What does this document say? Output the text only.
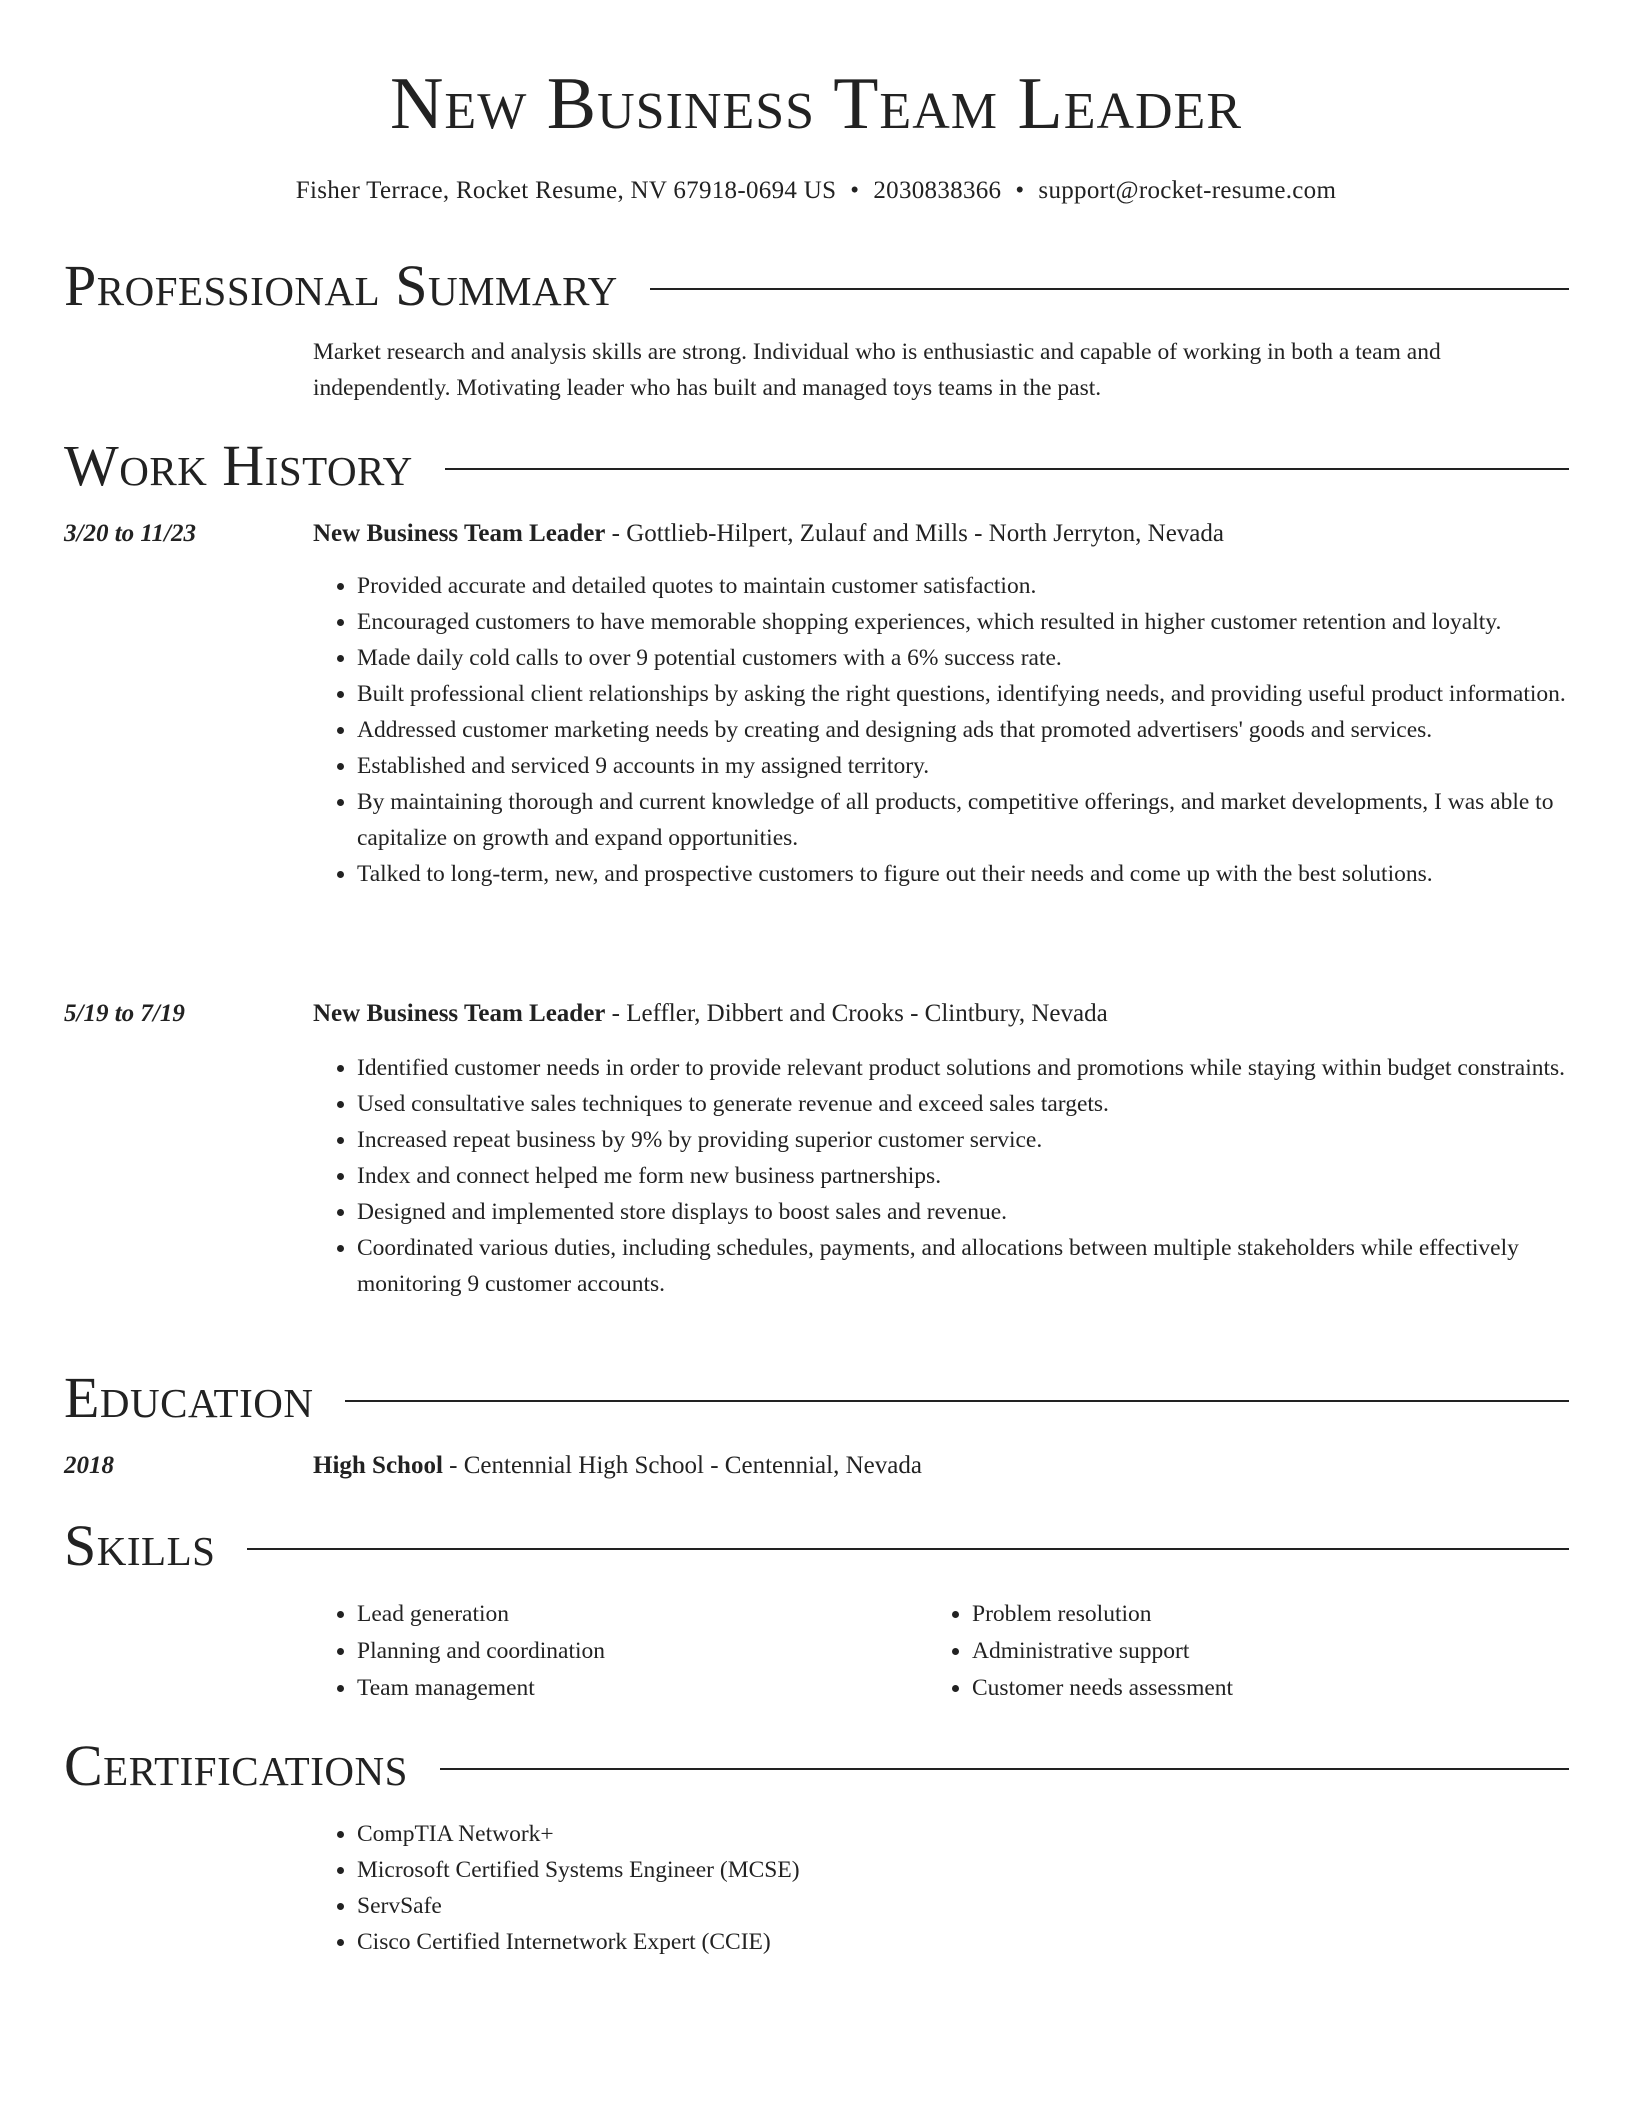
New Business Team Leader
Fisher Terrace, Rocket Resume, NV 67918-0694 US • 2030838366 • support@rocket-resume.com
Professional Summary

Market research and analysis skills are strong. Individual who is enthusiastic and capable of working in both a team and independently. Motivating leader who has built and managed toys teams in the past.

Work History
3/20 to 11/23	New Business Team Leader - Gottlieb-Hilpert, Zulauf and Mills - North Jerryton, Nevada
• Provided accurate and detailed quotes to maintain customer satisfaction.
• Encouraged customers to have memorable shopping experiences, which resulted in higher customer retention and loyalty.
• Made daily cold calls to over 9 potential customers with a 6% success rate.
• Built professional client relationships by asking the right questions, identifying needs, and providing useful product information.
• Addressed customer marketing needs by creating and designing ads that promoted advertisers' goods and services.
• Established and serviced 9 accounts in my assigned territory.
• By maintaining thorough and current knowledge of all products, competitive offerings, and market developments, I was able to capitalize on growth and expand opportunities.
• Talked to long-term, new, and prospective customers to figure out their needs and come up with the best solutions.
5/19 to 7/19	New Business Team Leader - Leffler, Dibbert and Crooks - Clintbury, Nevada
• Identified customer needs in order to provide relevant product solutions and promotions while staying within budget constraints.
• Used consultative sales techniques to generate revenue and exceed sales targets.
• Increased repeat business by 9% by providing superior customer service.
• Index and connect helped me form new business partnerships.
• Designed and implemented store displays to boost sales and revenue.
• Coordinated various duties, including schedules, payments, and allocations between multiple stakeholders while effectively monitoring 9 customer accounts.
Education
2018	High School - Centennial High School - Centennial, Nevada
Skills
• Lead generation
• Planning and coordination
• Team management
• Problem resolution
• Administrative support
• Customer needs assessment
Certifications
• CompTIA Network+
• Microsoft Certified Systems Engineer (MCSE)
• ServSafe
• Cisco Certified Internetwork Expert (CCIE)
